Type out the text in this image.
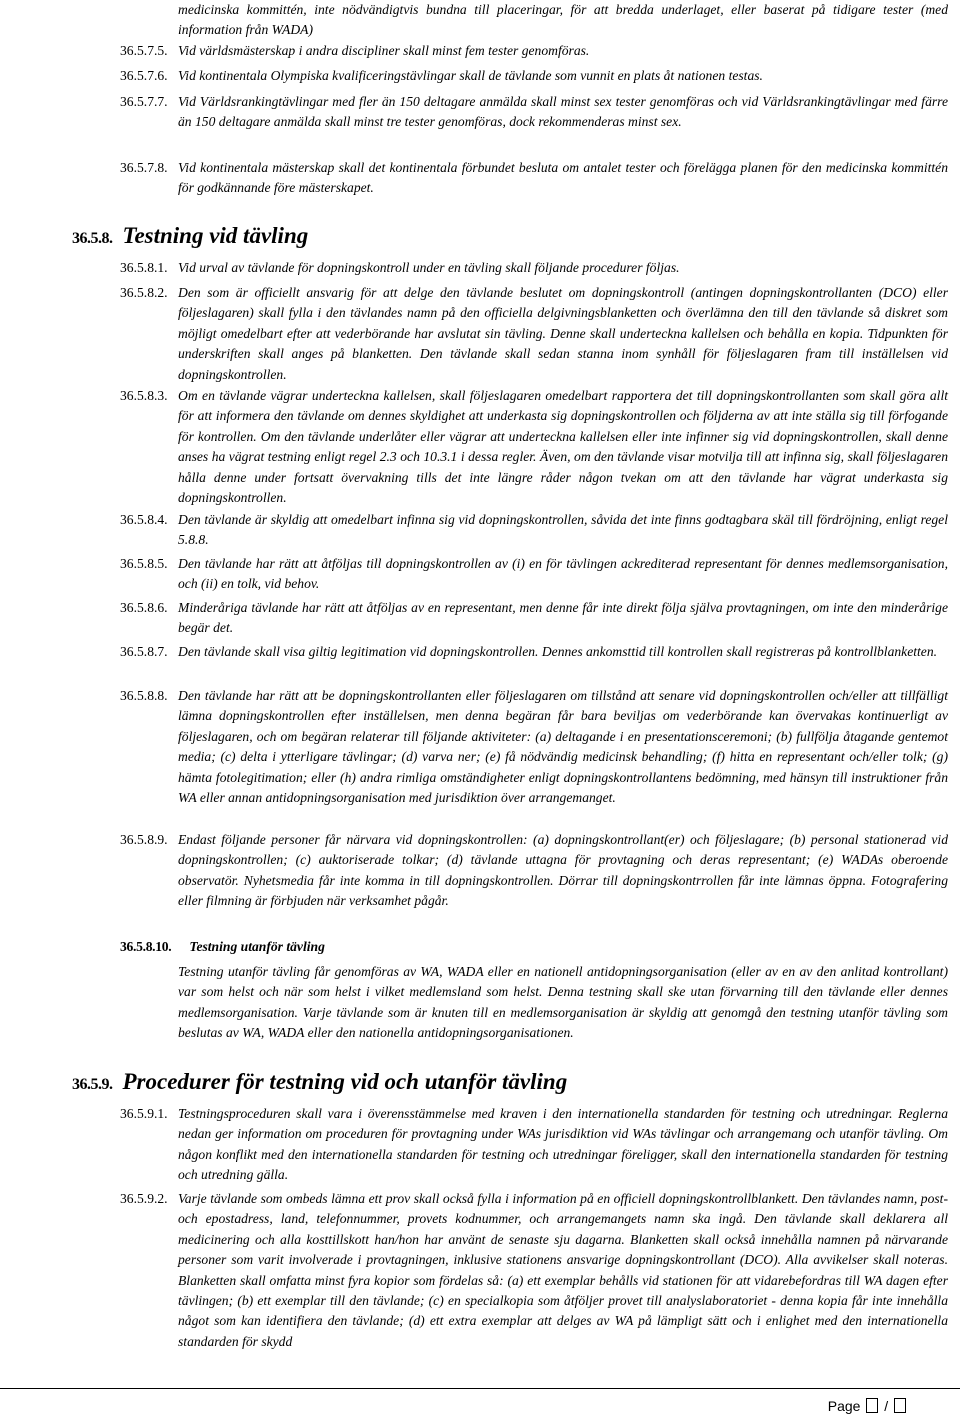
medicinska kommittén, inte nödvändigtvis bundna till placeringar, för att bredda underlaget, eller baserat på tidigare tester (med information från WADA)
36.5.7.5. Vid världsmästerskap i andra discipliner skall minst fem tester genomföras.
36.5.7.6. Vid kontinentala Olympiska kvalificeringstävlingar skall de tävlande som vunnit en plats åt nationen testas.
36.5.7.7. Vid Världsrankingtävlingar med fler än 150 deltagare anmälda skall minst sex tester genomföras och vid Världsrankingtävlingar med färre än 150 deltagare anmälda skall minst tre tester genomföras, dock rekommenderas minst sex.
36.5.7.8. Vid kontinentala mästerskap skall det kontinentala förbundet besluta om antalet tester och förelägga planen för den medicinska kommittén för godkännande före mästerskapet.
36.5.8. Testning vid tävling
36.5.8.1. Vid urval av tävlande för dopningskontroll under en tävling skall följande procedurer följas.
36.5.8.2. Den som är officiellt ansvarig för att delge den tävlande beslutet om dopningskontroll (antingen dopningskontrollanten (DCO) eller följeslagaren) skall fylla i den tävlandes namn på den officiella delgivningsblanketten och överlämna den till den tävlande så diskret som möjligt omedelbart efter att vederbörande har avslutat sin tävling. Denne skall underteckna kallelsen och behålla en kopia. Tidpunkten för underskriften skall anges på blanketten. Den tävlande skall sedan stanna inom synhåll för följeslagaren fram till inställelsen vid dopningskontrollen.
36.5.8.3. Om en tävlande vägrar underteckna kallelsen, skall följeslagaren omedelbart rapportera det till dopningskontrollanten som skall göra allt för att informera den tävlande om dennes skyldighet att underkasta sig dopningskontrollen och följderna av att inte ställa sig till förfogande för kontrollen. Om den tävlande underlåter eller vägrar att underteckna kallelsen eller inte infinner sig vid dopningskontrollen, skall denne anses ha vägrat testning enligt regel 2.3 och 10.3.1 i dessa regler. Även, om den tävlande visar motvilja till att infinna sig, skall följeslagaren hålla denne under fortsatt övervakning tills det inte längre råder någon tvekan om att den tävlande har vägrat underkasta sig dopningskontrollen.
36.5.8.4. Den tävlande är skyldig att omedelbart infinna sig vid dopningskontrollen, såvida det inte finns godtagbara skäl till fördröjning, enligt regel 5.8.8.
36.5.8.5. Den tävlande har rätt att åtföljas till dopningskontrollen av (i) en för tävlingen ackrediterad representant för dennes medlemsorganisation, och (ii) en tolk, vid behov.
36.5.8.6. Minderåriga tävlande har rätt att åtföljas av en representant, men denne får inte direkt följa själva provtagningen, om inte den minderårige begär det.
36.5.8.7. Den tävlande skall visa giltig legitimation vid dopningskontrollen. Dennes ankomsttid till kontrollen skall registreras på kontrollblanketten.
36.5.8.8. Den tävlande har rätt att be dopningskontrollanten eller följeslagaren om tillstånd att senare vid dopningskontrollen och/eller att tillfälligt lämna dopningskontrollen efter inställelsen, men denna begäran får bara beviljas om vederbörande kan övervakas kontinuerligt av följeslagaren, och om begäran relaterar till följande aktiviteter: (a) deltagande i en presentationsceremoni; (b) fullfölja åtagande gentemot media; (c) delta i ytterligare tävlingar; (d) varva ner; (e) få nödvändig medicinsk behandling; (f) hitta en representant och/eller tolk; (g) hämta fotolegitimation; eller (h) andra rimliga omständigheter enligt dopningskontrollantens bedömning, med hänsyn till instruktioner från WA eller annan antidopningsorganisation med jurisdiktion över arrangemanget.
36.5.8.9. Endast följande personer får närvara vid dopningskontrollen: (a) dopningskontrollant(er) och följeslagare; (b) personal stationerad vid dopningskontrollen; (c) auktoriserade tolkar; (d) tävlande uttagna för provtagning och deras representant; (e) WADAs oberoende observatör. Nyhetsmedia får inte komma in till dopningskontrollen. Dörrar till dopningskontrrollen får inte lämnas öppna. Fotografering eller filmning är förbjuden när verksamhet pågår.
36.5.8.10. Testning utanför tävling
Testning utanför tävling får genomföras av WA, WADA eller en nationell antidopningsorganisation (eller av en av den anlitad kontrollant) var som helst och när som helst i vilket medlemsland som helst. Denna testning skall ske utan förvarning till den tävlande eller dennes medlemsorganisation. Varje tävlande som är knuten till en medlemsorganisation är skyldig att genomgå den testning utanför tävling som beslutas av WA, WADA eller den nationella antidopningsorganisationen.
36.5.9. Procedurer för testning vid och utanför tävling
36.5.9.1. Testningsproceduren skall vara i överensstämmelse med kraven i den internationella standarden för testning och utredningar. Reglerna nedan ger information om proceduren för provtagning under WAs jurisdiktion vid WAs tävlingar och arrangemang och utanför tävling. Om någon konflikt med den internationella standarden för testning och utredningar föreligger, skall den internationella standarden för testning och utredning gälla.
36.5.9.2. Varje tävlande som ombeds lämna ett prov skall också fylla i information på en officiell dopningskontrollblankett. Den tävlandes namn, post- och epostadress, land, telefonnummer, provets kodnummer, och arrangemangets namn ska ingå. Den tävlande skall deklarera all medicinering och alla kosttillskott han/hon har använt de senaste sju dagarna. Blanketten skall också innehålla namnen på närvarande personer som varit involverade i provtagningen, inklusive stationens ansvarige dopningskontrollant (DCO). Alla avvikelser skall noteras. Blanketten skall omfatta minst fyra kopior som fördelas så: (a) ett exemplar behålls vid stationen för att vidarebefordras till WA dagen efter tävlingen; (b) ett exemplar till den tävlande; (c) en specialkopia som åtföljer provet till analyslaboratoriet - denna kopia får inte innehålla något som kan identifiera den tävlande; (d) ett extra exemplar att delges av WA på lämpligt sätt och i enlighet med den internationella standarden för skydd
Page /
